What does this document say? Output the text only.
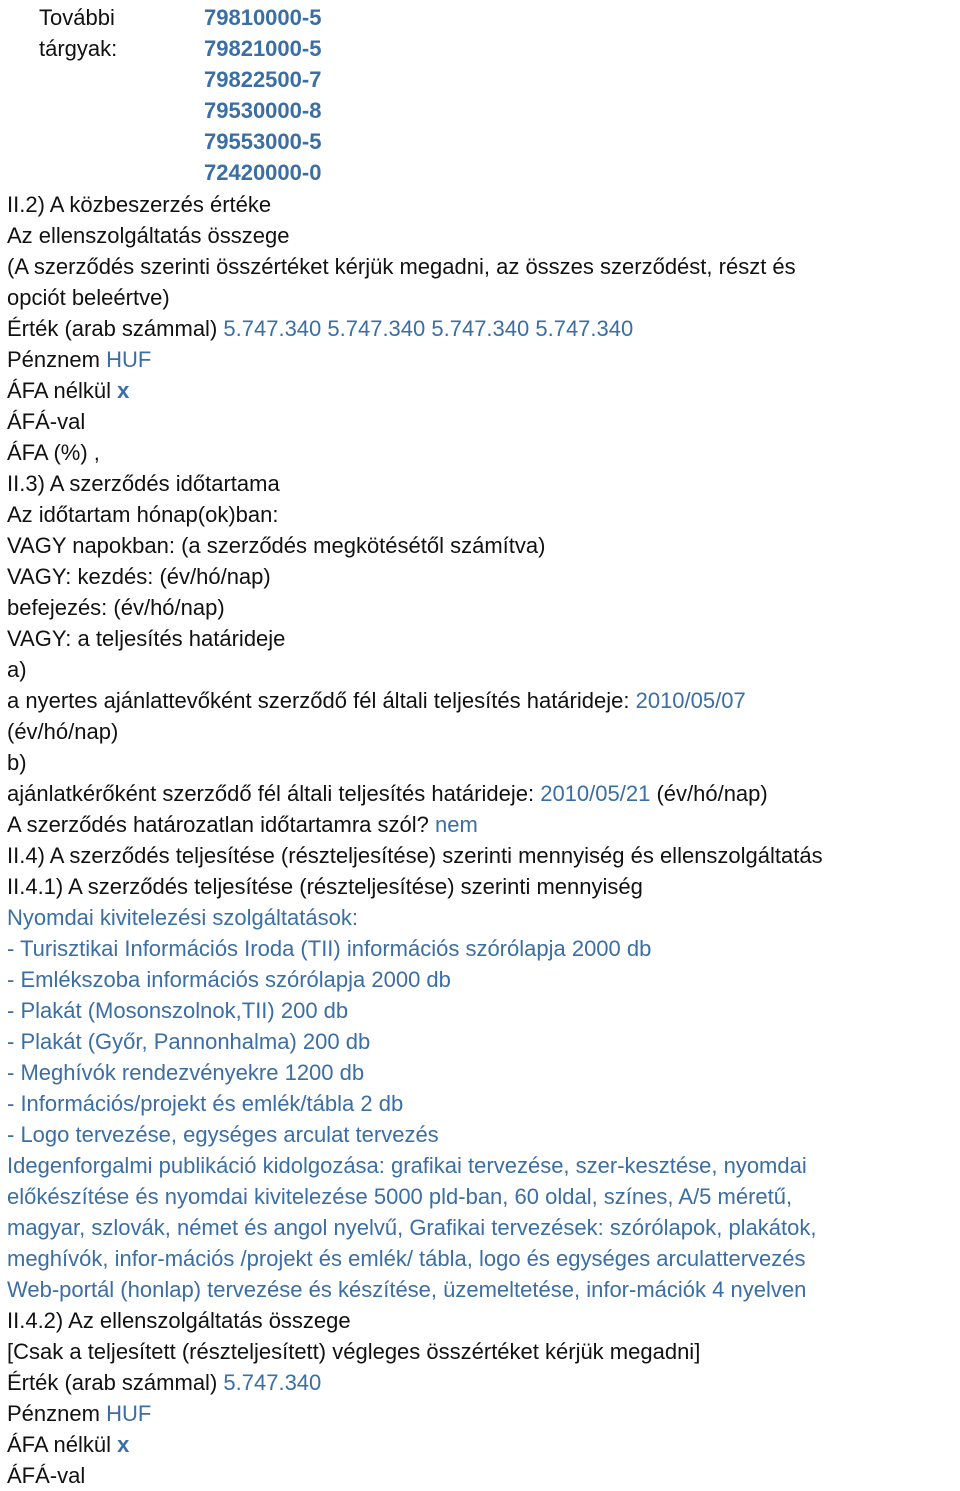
További
tárgyak:
79810000-5
79821000-5
79822500-7
79530000-8
79553000-5
72420000-0
II.2) A közbeszerzés értéke
Az ellenszolgáltatás összege
(A szerződés szerinti összértéket kérjük megadni, az összes szerződést, részt és
opciót beleértve)
Érték (arab számmal) 5.747.340 5.747.340 5.747.340 5.747.340
Pénznem HUF
ÁFA nélkül x
ÁFÁ-val
ÁFA (%) ,
II.3) A szerződés időtartama
Az időtartam hónap(ok)ban:
VAGY napokban: (a szerződés megkötésétől számítva)
VAGY: kezdés: (év/hó/nap)
befejezés: (év/hó/nap)
VAGY: a teljesítés határideje
a)
a nyertes ajánlattevőként szerződő fél általi teljesítés határideje: 2010/05/07
(év/hó/nap)
b)
ajánlatkérőként szerződő fél általi teljesítés határideje: 2010/05/21 (év/hó/nap)
A szerződés határozatlan időtartamra szól? nem
II.4) A szerződés teljesítése (részteljesítése) szerinti mennyiség és ellenszolgáltatás
II.4.1) A szerződés teljesítése (részteljesítése) szerinti mennyiség
Nyomdai kivitelezési szolgáltatások:
- Turisztikai Információs Iroda (TII) információs szórólapja 2000 db
- Emlékszoba információs szórólapja 2000 db
- Plakát (Mosonszolnok,TII) 200 db
- Plakát (Győr, Pannonhalma) 200 db
- Meghívók rendezvényekre 1200 db
- Információs/projekt és emlék/tábla 2 db
- Logo tervezése, egységes arculat tervezés
Idegenforgalmi publikáció kidolgozása: grafikai tervezése, szer-kesztése, nyomdai
előkészítése és nyomdai kivitelezése 5000 pld-ban, 60 oldal, színes, A/5 méretű,
magyar, szlovák, német és angol nyelvű, Grafikai tervezések: szórólapok, plakátok,
meghívók, infor-mációs /projekt és emlék/ tábla, logo és egységes arculattervezés
Web-portál (honlap) tervezése és készítése, üzemeltetése, infor-mációk 4 nyelven
II.4.2) Az ellenszolgáltatás összege
[Csak a teljesített (részteljesített) végleges összértéket kérjük megadni]
Érték (arab számmal) 5.747.340
Pénznem HUF
ÁFA nélkül x
ÁFÁ-val
